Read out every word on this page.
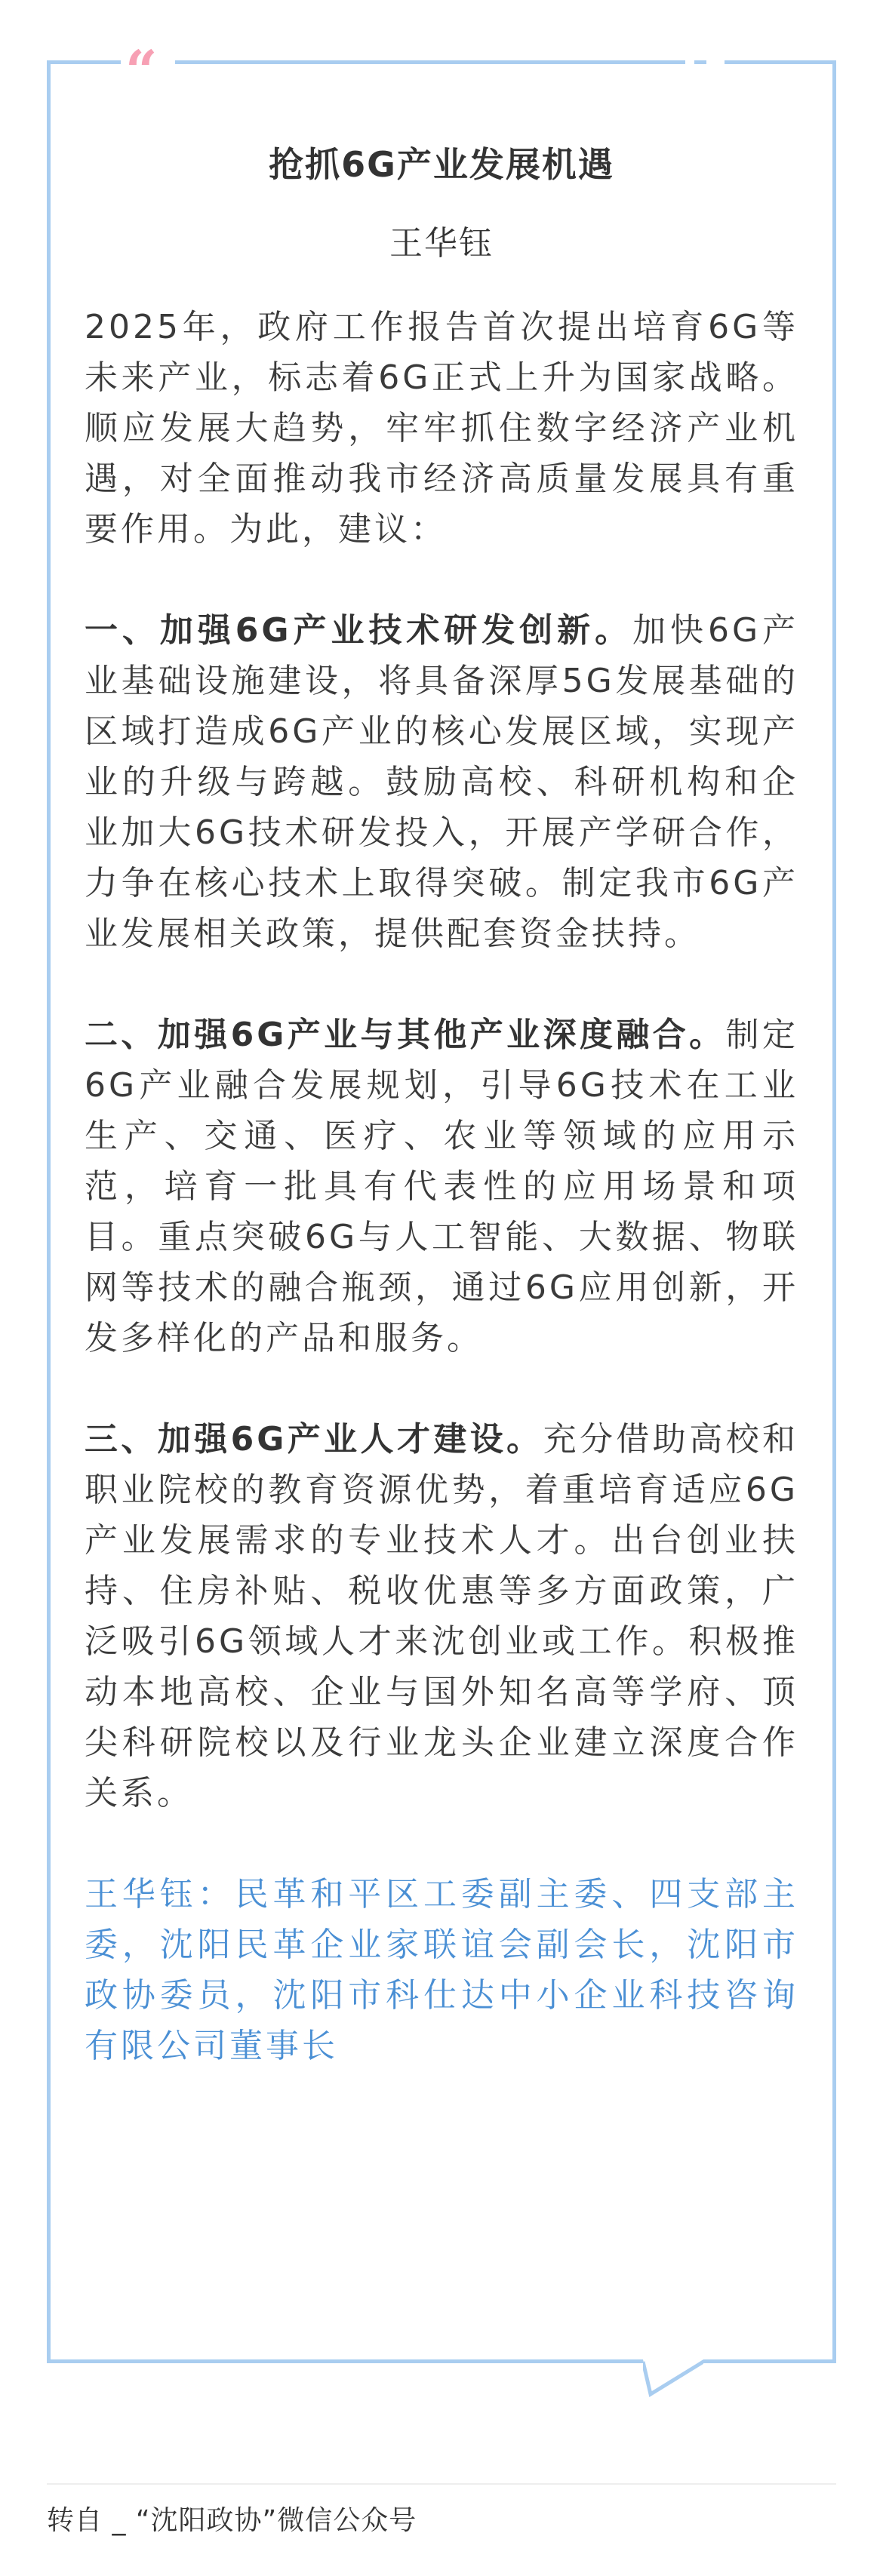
“
抢抓6G产业发展机遇
王华钰

2025年，政府工作报告首次提出培育6G等未来产业，标志着6G正式上升为国家战略。顺应发展大趋势，牢牢抓住数字经济产业机遇，对全面推动我市经济高质量发展具有重要作用。为此，建议：

一、加强6G产业技术研发创新。加快6G产业基础设施建设，将具备深厚5G发展基础的区域打造成6G产业的核心发展区域，实现产业的升级与跨越。鼓励高校、科研机构和企业加大6G技术研发投入，开展产学研合作，力争在核心技术上取得突破。制定我市6G产业发展相关政策，提供配套资金扶持。

二、加强6G产业与其他产业深度融合。制定6G产业融合发展规划，引导6G技术在工业生产、交通、医疗、农业等领域的应用示范，培育一批具有代表性的应用场景和项目。重点突破6G与人工智能、大数据、物联网等技术的融合瓶颈，通过6G应用创新，开发多样化的产品和服务。

三、加强6G产业人才建设。充分借助高校和职业院校的教育资源优势，着重培育适应6G产业发展需求的专业技术人才。出台创业扶持、住房补贴、税收优惠等多方面政策，广泛吸引6G领域人才来沈创业或工作。积极推动本地高校、企业与国外知名高等学府、顶尖科研院校以及行业龙头企业建立深度合作关系。

王华钰：民革和平区工委副主委、四支部主委，沈阳民革企业家联谊会副会长，沈阳市政协委员，沈阳市科仕达中小企业科技咨询有限公司董事长

转自 _ “沈阳政协”微信公众号
